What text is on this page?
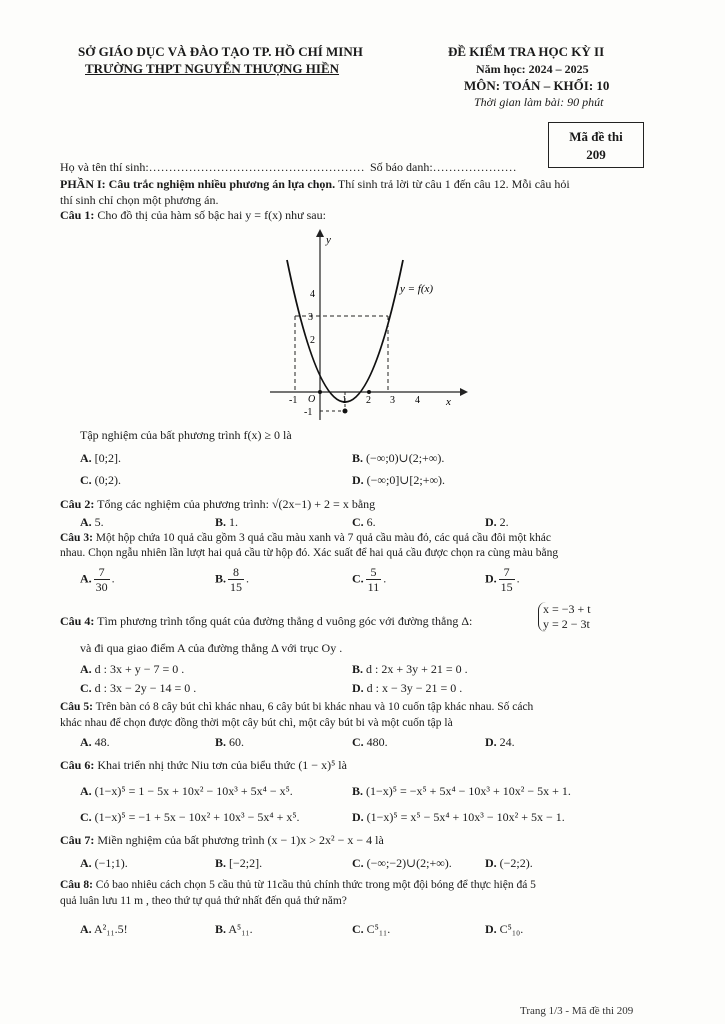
SỞ GIÁO DỤC VÀ ĐÀO TẠO TP. HỒ CHÍ MINH
TRƯỜNG THPT NGUYỄN THƯỢNG HIỀN
ĐỀ KIỂM TRA HỌC KỲ II
Năm học: 2024 – 2025
MÔN: TOÁN – KHỐI: 10
Thời gian làm bài: 90 phút
Mã đề thi
209
Họ và tên thí sinh:……………………………………………… Số báo danh:…………………
PHẦN I: Câu trắc nghiệm nhiều phương án lựa chọn. Thí sinh trả lời từ câu 1 đến câu 12. Mỗi câu hỏi
thí sinh chỉ chọn một phương án.
Câu 1: Cho đồ thị của hàm số bậc hai y = f(x) như sau:
y
x
y = f(x)
O
4
3
2
-1
-1	1 2 3 4
Tập nghiệm của bất phương trình f(x) ≥ 0 là
A. [0;2].	B. (−∞;0)∪(2;+∞).
C. (0;2).	D. (−∞;0]∪[2;+∞).
Câu 2: Tổng các nghiệm của phương trình: √(2x−1) + 2 = x bằng
A. 5.	B. 1.	C. 6.	D. 2.
Câu 3: Một hộp chứa 10 quả cầu gồm 3 quả cầu màu xanh và 7 quả cầu màu đỏ, các quả cầu đôi một khác
nhau. Chọn ngẫu nhiên lần lượt hai quả cầu từ hộp đó. Xác suất để hai quả cầu được chọn ra cùng màu bằng
A. $\frac{7}{30}$ .	B. $\frac{8}{15}$ .	C. $\frac{5}{11}$ .	D. $\frac{7}{15}$ .
Câu 4: Tìm phương trình tổng quát của đường thẳng d vuông góc với đường thẳng Δ:
x = −3 + t
y = 2 − 3t
và đi qua giao điểm A của đường thẳng Δ với trục Oy .
A. d : 3x + y − 7 = 0 .	B. d : 2x + 3y + 21 = 0 .
C. d : 3x − 2y − 14 = 0 .	D. d : x − 3y − 21 = 0 .
Câu 5: Trên bàn có 8 cây bút chì khác nhau, 6 cây bút bi khác nhau và 10 cuốn tập khác nhau. Số cách
khác nhau để chọn được đồng thời một cây bút chì, một cây bút bi và một cuốn tập là
A. 48.	B. 60.	C. 480.	D. 24.
Câu 6: Khai triển nhị thức Niu tơn của biểu thức (1 − x)⁵ là
A. (1−x)⁵ = 1 − 5x + 10x² − 10x³ + 5x⁴ − x⁵.	B. (1−x)⁵ = −x⁵ + 5x⁴ − 10x³ + 10x² − 5x + 1.
C. (1−x)⁵ = −1 + 5x − 10x² + 10x³ − 5x⁴ + x⁵.	D. (1−x)⁵ = x⁵ − 5x⁴ + 10x³ − 10x² + 5x − 1.
Câu 7: Miền nghiệm của bất phương trình (x − 1)x > 2x² − x − 4 là
A. (−1;1).	B. [−2;2].	C. (−∞;−2)∪(2;+∞).	D. (−2;2).
Câu 8: Có bao nhiêu cách chọn 5 cầu thủ từ 11cầu thủ chính thức trong một đội bóng để thực hiện đá 5
quả luân lưu 11 m , theo thứ tự quả thứ nhất đến quả thứ năm?
A. A²₁₁.5!	B. A⁵₁₁.	C. C⁵₁₁.	D. C⁵₁₀.
Trang 1/3 - Mã đề thi 209
